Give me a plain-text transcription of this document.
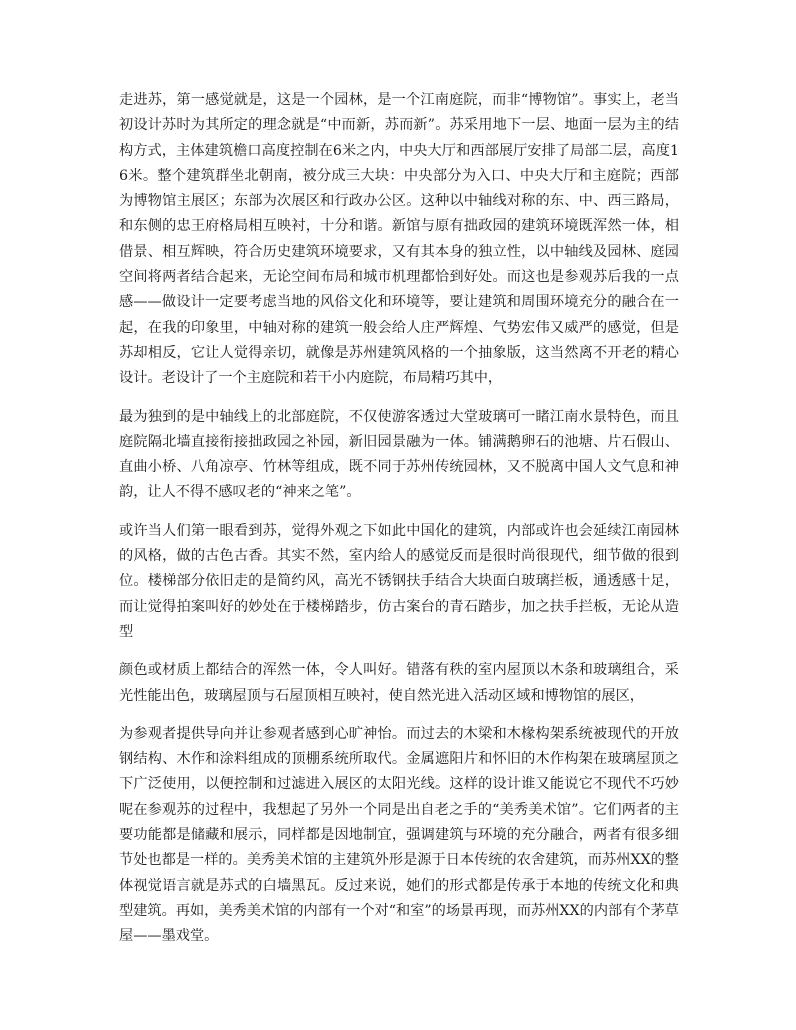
走进苏，第一感觉就是，这是一个园林，是一个江南庭院，而非“博物馆”。事实上，老当初设计苏时为其所定的理念就是“中而新，苏而新”。苏采用地下一层、地面一层为主的结构方式，主体建筑檐口高度控制在6米之内，中央大厅和西部展厅安排了局部二层，高度16米。整个建筑群坐北朝南，被分成三大块：中央部分为入口、中央大厅和主庭院；西部为博物馆主展区；东部为次展区和行政办公区。这种以中轴线对称的东、中、西三路局，和东侧的忠王府格局相互映衬，十分和谐。新馆与原有拙政园的建筑环境既浑然一体，相借景、相互辉映，符合历史建筑环境要求，又有其本身的独立性，以中轴线及园林、庭园空间将两者结合起来，无论空间布局和城市机理都恰到好处。而这也是参观苏后我的一点感——做设计一定要考虑当地的风俗文化和环境等，要让建筑和周围环境充分的融合在一起，在我的印象里，中轴对称的建筑一般会给人庄严辉煌、气势宏伟又威严的感觉，但是苏却相反，它让人觉得亲切，就像是苏州建筑风格的一个抽象版，这当然离不开老的精心设计。老设计了一个主庭院和若干小内庭院，布局精巧其中，

最为独到的是中轴线上的北部庭院，不仅使游客透过大堂玻璃可一睹江南水景特色，而且庭院隔北墙直接衔接拙政园之补园，新旧园景融为一体。铺满鹅卵石的池塘、片石假山、直曲小桥、八角凉亭、竹林等组成，既不同于苏州传统园林，又不脱离中国人文气息和神韵，让人不得不感叹老的“神来之笔”。

或许当人们第一眼看到苏，觉得外观之下如此中国化的建筑，内部或许也会延续江南园林的风格，做的古色古香。其实不然，室内给人的感觉反而是很时尚很现代，细节做的很到位。楼梯部分依旧走的是简约风，高光不锈钢扶手结合大块面白玻璃拦板，通透感十足，而让觉得拍案叫好的妙处在于楼梯踏步，仿古案台的青石踏步，加之扶手拦板，无论从造型

颜色或材质上都结合的浑然一体，令人叫好。错落有秩的室内屋顶以木条和玻璃组合，采光性能出色，玻璃屋顶与石屋顶相互映衬，使自然光进入活动区域和博物馆的展区，

为参观者提供导向并让参观者感到心旷神怡。而过去的木梁和木椽构架系统被现代的开放钢结构、木作和涂料组成的顶棚系统所取代。金属遮阳片和怀旧的木作构架在玻璃屋顶之下广泛使用，以便控制和过滤进入展区的太阳光线。这样的设计谁又能说它不现代不巧妙呢在参观苏的过程中，我想起了另外一个同是出自老之手的“美秀美术馆”。它们两者的主要功能都是储藏和展示，同样都是因地制宜，强调建筑与环境的充分融合，两者有很多细节处也都是一样的。美秀美术馆的主建筑外形是源于日本传统的农舍建筑，而苏州XX的整体视觉语言就是苏式的白墙黑瓦。反过来说，她们的形式都是传承于本地的传统文化和典型建筑。再如，美秀美术馆的内部有一个对“和室”的场景再现，而苏州XX的内部有个茅草屋——墨戏堂。
